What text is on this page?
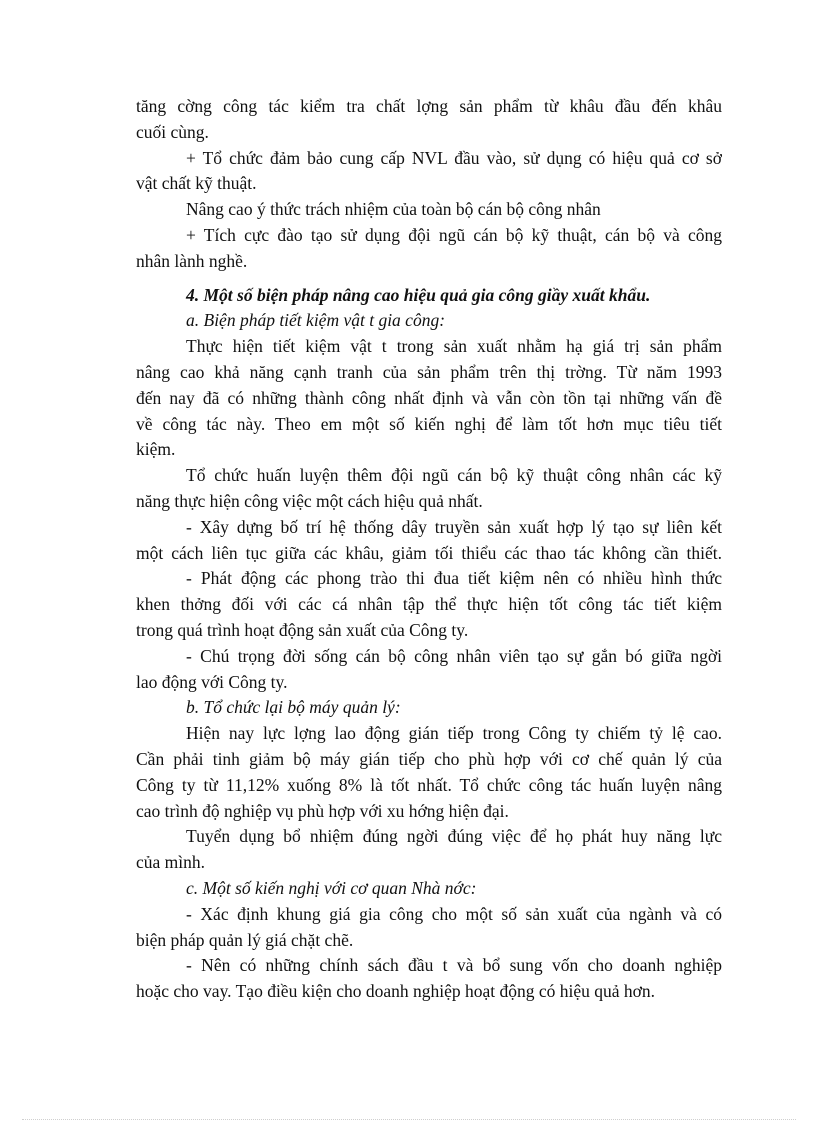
tăng cờng công tác kiểm tra chất lợng sản phẩm từ khâu đầu đến khâu

cuối cùng.

+ Tổ chức đảm bảo cung cấp NVL đầu vào, sử dụng có hiệu quả cơ sở

vật chất kỹ thuật.

Nâng cao ý thức trách nhiệm của toàn bộ cán bộ công nhân

+ Tích cực đào tạo sử dụng đội ngũ cán bộ kỹ thuật, cán bộ và công

nhân lành nghề.

4. Một số biện pháp nâng cao hiệu quả gia công giầy xuất khẩu.

a. Biện pháp tiết kiệm vật t gia công:

Thực hiện tiết kiệm vật t trong sản xuất nhằm hạ giá trị sản phẩm

nâng cao khả năng cạnh tranh của sản phẩm trên thị trờng. Từ năm 1993

đến nay đã có những thành công nhất định và vẫn còn tồn tại những vấn đề

về công tác này. Theo em một số kiến nghị để làm tốt hơn mục tiêu tiết

kiệm.

Tổ chức huấn luyện thêm đội ngũ cán bộ kỹ thuật công nhân các kỹ

năng thực hiện công việc một cách hiệu quả nhất.

- Xây dựng bố trí hệ thống dây truyền sản xuất hợp lý tạo sự liên kết

một cách liên tục giữa các khâu, giảm tối thiểu các thao tác không cần thiết.

- Phát động các phong trào thi đua tiết kiệm nên có nhiều hình thức

khen thởng đối với các cá nhân tập thể thực hiện tốt công tác tiết kiệm

trong quá trình hoạt động sản xuất của Công ty.

- Chú trọng đời sống cán bộ công nhân viên tạo sự gắn bó giữa ngời

lao động với Công ty.

b. Tổ chức lại bộ máy quản lý:

Hiện nay lực lợng lao động gián tiếp trong Công ty chiếm tỷ lệ cao.

Cần phải tinh giảm bộ máy gián tiếp cho phù hợp với cơ chế quản lý của

Công ty từ 11,12% xuống 8% là tốt nhất. Tổ chức công tác huấn luyện nâng

cao trình độ nghiệp vụ phù hợp với xu hớng hiện đại.

Tuyển dụng bổ nhiệm đúng ngời đúng việc để họ phát huy năng lực

của mình.

c. Một số kiến nghị với cơ quan Nhà nớc:

- Xác định khung giá gia công cho một số sản xuất của ngành và có

biện pháp quản lý giá chặt chẽ.

- Nên có những chính sách đầu t và bổ sung vốn cho doanh nghiệp

hoặc cho vay. Tạo điều kiện cho doanh nghiệp hoạt động có hiệu quả hơn.
